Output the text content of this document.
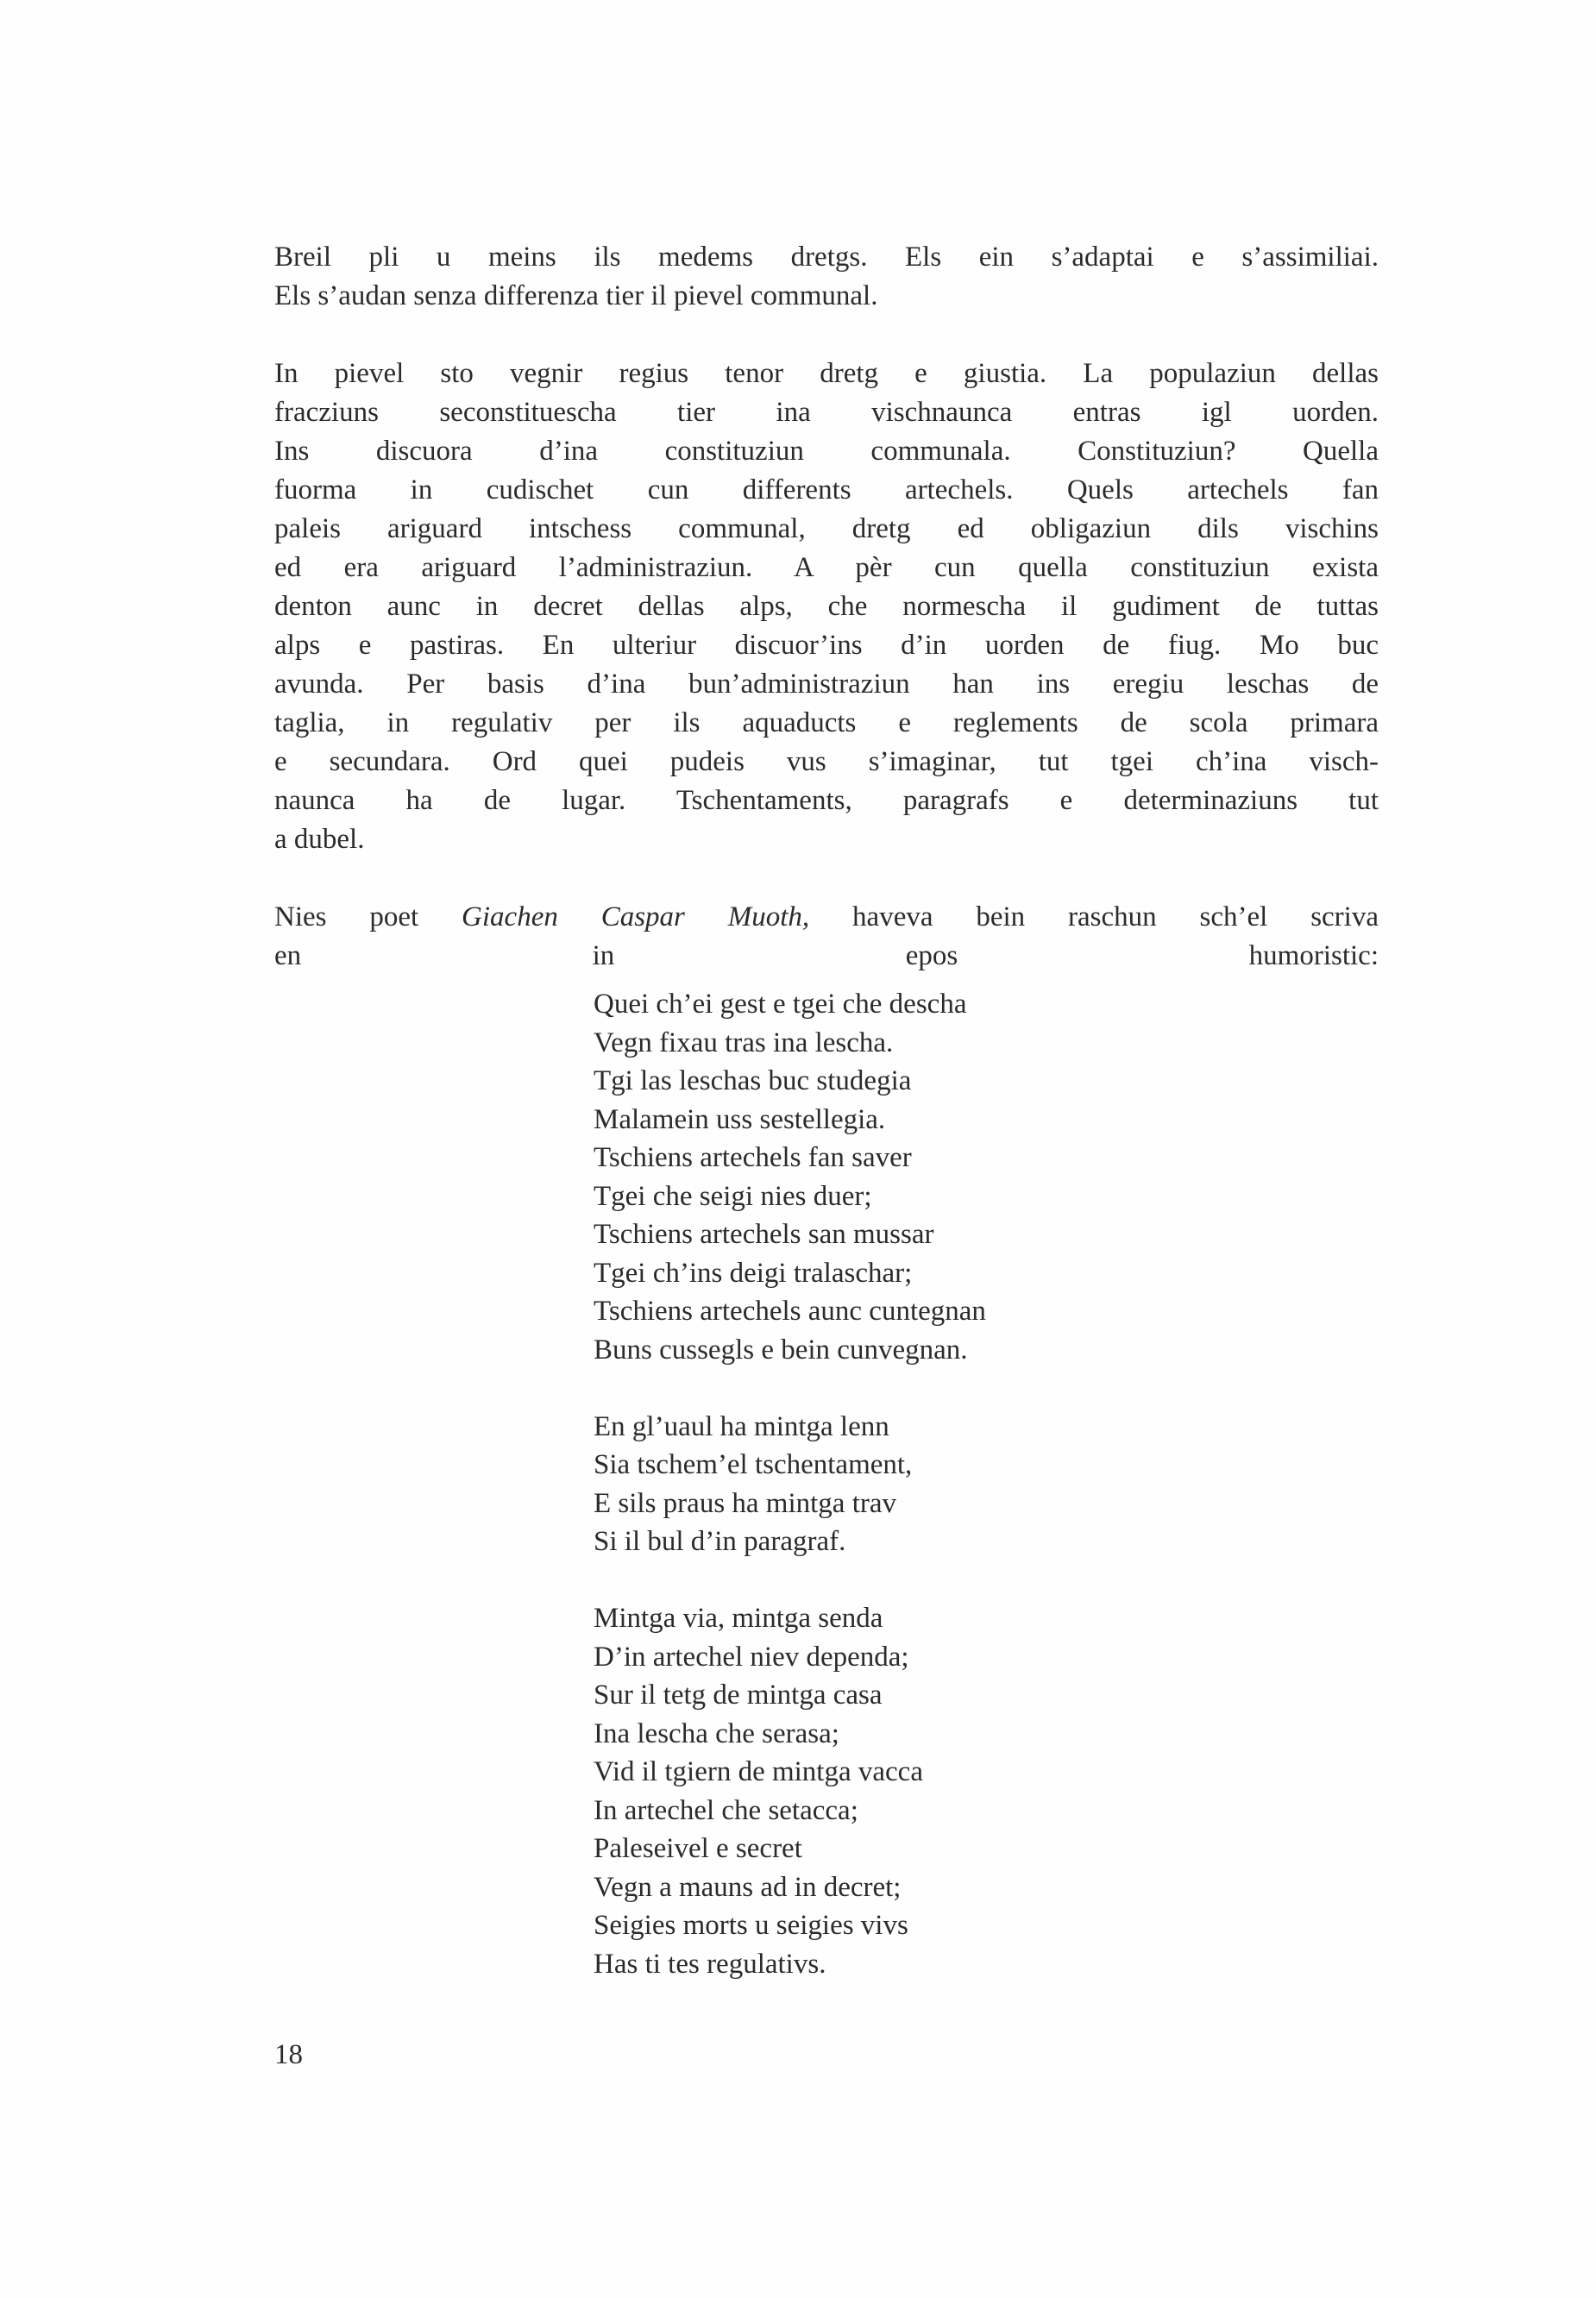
Breil pli u meins ils medems dretgs. Els ein s’adaptai e s’assimiliai.
Els s’audan senza differenza tier il pievel communal.
In pievel sto vegnir regius tenor dretg e giustia. La populaziun dellas
fracziuns seconstituescha tier ina vischnaunca entras igl uorden.
Ins discuora d’ina constituziun communala. Constituziun? Quella
fuorma in cudischet cun differents artechels. Quels artechels fan
paleis ariguard intschess communal, dretg ed obligaziun dils vischins
ed era ariguard l’administraziun. A pèr cun quella constituziun exista
denton aunc in decret dellas alps, che normescha il gudiment de tuttas
alps e pastiras. En ulteriur discuor’ins d’in uorden de fiug. Mo buc
avunda. Per basis d’ina bun’administraziun han ins eregiu leschas de
taglia, in regulativ per ils aquaducts e reglements de scola primara
e secundara. Ord quei pudeis vus s’imaginar, tut tgei ch’ina visch-
naunca ha de lugar. Tschentaments, paragrafs e determinaziuns tut
a dubel.
Nies poet Giachen Caspar Muoth, haveva bein raschun sch’el scriva
en in epos humoristic:
Quei ch’ei gest e tgei che descha
Vegn fixau tras ina lescha.
Tgi las leschas buc studegia
Malamein uss sestellegia.
Tschiens artechels fan saver
Tgei che seigi nies duer;
Tschiens artechels san mussar
Tgei ch’ins deigi tralaschar;
Tschiens artechels aunc cuntegnan
Buns cussegls e bein cunvegnan.
En gl’uaul ha mintga lenn
Sia tschem’el tschentament,
E sils praus ha mintga trav
Si il bul d’in paragraf.
Mintga via, mintga senda
D’in artechel niev dependa;
Sur il tetg de mintga casa
Ina lescha che serasa;
Vid il tgiern de mintga vacca
In artechel che setacca;
Paleseivel e secret
Vegn a mauns ad in decret;
Seigies morts u seigies vivs
Has ti tes regulativs.
18
